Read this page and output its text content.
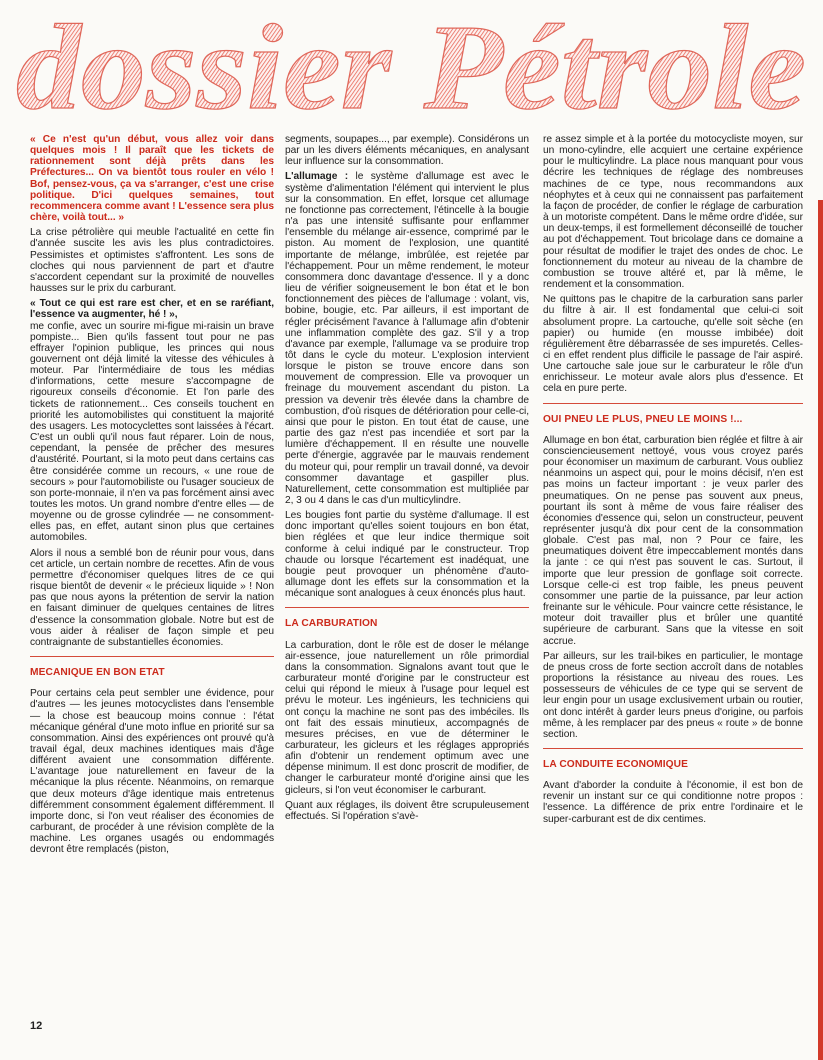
dossier Pétrole

« Ce n'est qu'un début, vous allez voir dans quelques mois ! Il paraît que les tickets de rationnement sont déjà prêts dans les Préfectures... On va bientôt tous rouler en vélo ! Bof, pensez-vous, ça va s'arranger, c'est une crise politique. D'ici quelques semaines, tout recommencera comme avant ! L'essence sera plus chère, voilà tout... »

La crise pétrolière qui meuble l'actualité en cette fin d'année suscite les avis les plus contradictoires. Pessimistes et optimistes s'affrontent. Les sons de cloches qui nous parviennent de part et d'autre s'accordent cependant sur la proximité de nouvelles hausses sur le prix du carburant.

« Tout ce qui est rare est cher, et en se raréfiant, l'essence va augmenter, hé ! »,

me confie, avec un sourire mi-figue mi-raisin un brave pompiste... Bien qu'ils fassent tout pour ne pas effrayer l'opinion publique, les princes qui nous gouvernent ont déjà limité la vitesse des véhicules à moteur. Par l'intermédiaire de tous les médias d'informations, cette mesure s'accompagne de rigoureux conseils d'économie. Et l'on parle des tickets de rationnement... Ces conseils touchent en priorité les automobilistes qui constituent la majorité des usagers. Les motocyclettes sont laissées à l'écart. C'est un oubli qu'il nous faut réparer. Loin de nous, cependant, la pensée de prêcher des mesures d'austérité. Pourtant, si la moto peut dans certains cas être considérée comme un recours, « une roue de secours » pour l'automobiliste ou l'usager soucieux de son porte-monnaie, il n'en va pas forcément ainsi avec toutes les motos. Un grand nombre d'entre elles — de moyenne ou de grosse cylindrée — ne consomment-elles pas, en effet, autant sinon plus que certaines automobiles.

Alors il nous a semblé bon de réunir pour vous, dans cet article, un certain nombre de recettes. Afin de vous permettre d'économiser quelques litres de ce qui risque bientôt de devenir « le précieux liquide » ! Non pas que nous ayons la prétention de servir la nation en faisant diminuer de quelques centaines de litres d'essence la consommation globale. Notre but est de vous aider à réaliser de façon simple et peu contraignante de substantielles économies.

MECANIQUE EN BON ETAT

Pour certains cela peut sembler une évidence, pour d'autres — les jeunes motocyclistes dans l'ensemble — la chose est beaucoup moins connue : l'état mécanique général d'une moto influe en priorité sur sa consommation. Ainsi des expériences ont prouvé qu'à travail égal, deux machines identiques mais d'âge différent avaient une consommation différente. L'avantage joue naturellement en faveur de la mécanique la plus récente. Néanmoins, on remarque que deux moteurs d'âge identique mais entretenus différemment consomment également différemment. Il importe donc, si l'on veut réaliser des économies de carburant, de procéder à une révision complète de la machine. Les organes usagés ou endommagés devront être remplacés (piston,

segments, soupapes..., par exemple). Considérons un par un les divers éléments mécaniques, en analysant leur influence sur la consommation.

L'allumage : le système d'allumage est avec le système d'alimentation l'élément qui intervient le plus sur la consommation. En effet, lorsque cet allumage ne fonctionne pas correctement, l'étincelle à la bougie n'a pas une intensité suffisante pour enflammer l'ensemble du mélange air-essence, comprimé par le piston. Au moment de l'explosion, une quantité importante de mélange, imbrûlée, est rejetée par l'échappement. Pour un même rendement, le moteur consommera donc davantage d'essence. Il y a donc lieu de vérifier soigneusement le bon état et le bon fonctionnement des pièces de l'allumage : volant, vis, bobine, bougie, etc. Par ailleurs, il est important de régler précisément l'avance à l'allumage afin d'obtenir une inflammation complète des gaz. S'il y a trop d'avance par exemple, l'allumage va se produire trop tôt dans le cycle du moteur. L'explosion intervient lorsque le piston se trouve encore dans son mouvement de compression. Elle va provoquer un freinage du mouvement ascendant du piston. La pression va devenir très élevée dans la chambre de combustion, d'où risques de détérioration pour celle-ci, ainsi que pour le piston. En tout état de cause, une partie des gaz n'est pas incendiée et sort par la lumière d'échappement. Il en résulte une nouvelle perte d'énergie, aggravée par le mauvais rendement du moteur qui, pour remplir un travail donné, va devoir consommer davantage et gaspiller plus. Naturellement, cette consommation est multipliée par 2, 3 ou 4 dans le cas d'un multicylindre.

Les bougies font partie du système d'allumage. Il est donc important qu'elles soient toujours en bon état, bien réglées et que leur indice thermique soit conforme à celui indiqué par le constructeur. Trop chaude ou lorsque l'écartement est inadéquat, une bougie peut provoquer un phénomène d'auto-allumage dont les effets sur la consommation et la mécanique sont analogues à ceux énoncés plus haut.

LA CARBURATION

La carburation, dont le rôle est de doser le mélange air-essence, joue naturellement un rôle primordial dans la consommation. Signalons avant tout que le carburateur monté d'origine par le constructeur est celui qui répond le mieux à l'usage pour lequel est prévu le moteur. Les ingénieurs, les techniciens qui ont conçu la machine ne sont pas des imbéciles. Ils ont fait des essais minutieux, accompagnés de mesures précises, en vue de déterminer le carburateur, les gicleurs et les réglages appropriés afin d'obtenir un rendement optimum avec une dépense minimum. Il est donc proscrit de modifier, de changer le carburateur monté d'origine ainsi que les gicleurs, si l'on veut économiser le carburant.

Quant aux réglages, ils doivent être scrupuleusement effectués. Si l'opération s'avè-

re assez simple et à la portée du motocycliste moyen, sur un mono-cylindre, elle acquiert une certaine expérience pour le multicylindre. La place nous manquant pour vous décrire les techniques de réglage des nombreuses machines de ce type, nous recommandons aux néophytes et à ceux qui ne connaissent pas parfaitement la façon de procéder, de confier le réglage de carburation à un motoriste compétent. Dans le même ordre d'idée, sur un deux-temps, il est formellement déconseillé de toucher au pot d'échappement. Tout bricolage dans ce domaine a pour résultat de modifier le trajet des ondes de choc. Le fonctionnement du moteur au niveau de la chambre de combustion se trouve altéré et, par là même, le rendement et la consommation.

Ne quittons pas le chapitre de la carburation sans parler du filtre à air. Il est fondamental que celui-ci soit absolument propre. La cartouche, qu'elle soit sèche (en papier) ou humide (en mousse imbibée) doit régulièrement être débarrassée de ses impuretés. Celles-ci en effet rendent plus difficile le passage de l'air aspiré. Une cartouche sale joue sur le carburateur le rôle d'un enrichisseur. Le moteur avale alors plus d'essence. Et cela en pure perte.

OUI PNEU LE PLUS, PNEU LE MOINS !...

Allumage en bon état, carburation bien réglée et filtre à air consciencieusement nettoyé, vous vous croyez parés pour économiser un maximum de carburant. Vous oubliez néanmoins un aspect qui, pour le moins décisif, n'en est pas moins un facteur important : je veux parler des pneumatiques. On ne pense pas souvent aux pneus, pourtant ils sont à même de vous faire réaliser des économies d'essence qui, selon un constructeur, peuvent représenter jusqu'à dix pour cent de la consommation globale. C'est pas mal, non ? Pour ce faire, les pneumatiques doivent être impeccablement montés dans la jante : ce qui n'est pas souvent le cas. Surtout, il importe que leur pression de gonflage soit correcte. Lorsque celle-ci est trop faible, les pneus peuvent consommer une partie de la puissance, par leur action freinante sur le véhicule. Pour vaincre cette résistance, le moteur doit travailler plus et brûler une quantité supérieure de carburant. Sans que la vitesse en soit accrue.

Par ailleurs, sur les trail-bikes en particulier, le montage de pneus cross de forte section accroît dans de notables proportions la résistance au niveau des roues. Les possesseurs de véhicules de ce type qui se servent de leur engin pour un usage exclusivement urbain ou routier, ont donc intérêt à garder leurs pneus d'origine, ou parfois même, à les remplacer par des pneus « route » de bonne section.

LA CONDUITE ECONOMIQUE

Avant d'aborder la conduite à l'économie, il est bon de revenir un instant sur ce qui conditionne notre propos : l'essence. La différence de prix entre l'ordinaire et le super-carburant est de dix centimes.

12
